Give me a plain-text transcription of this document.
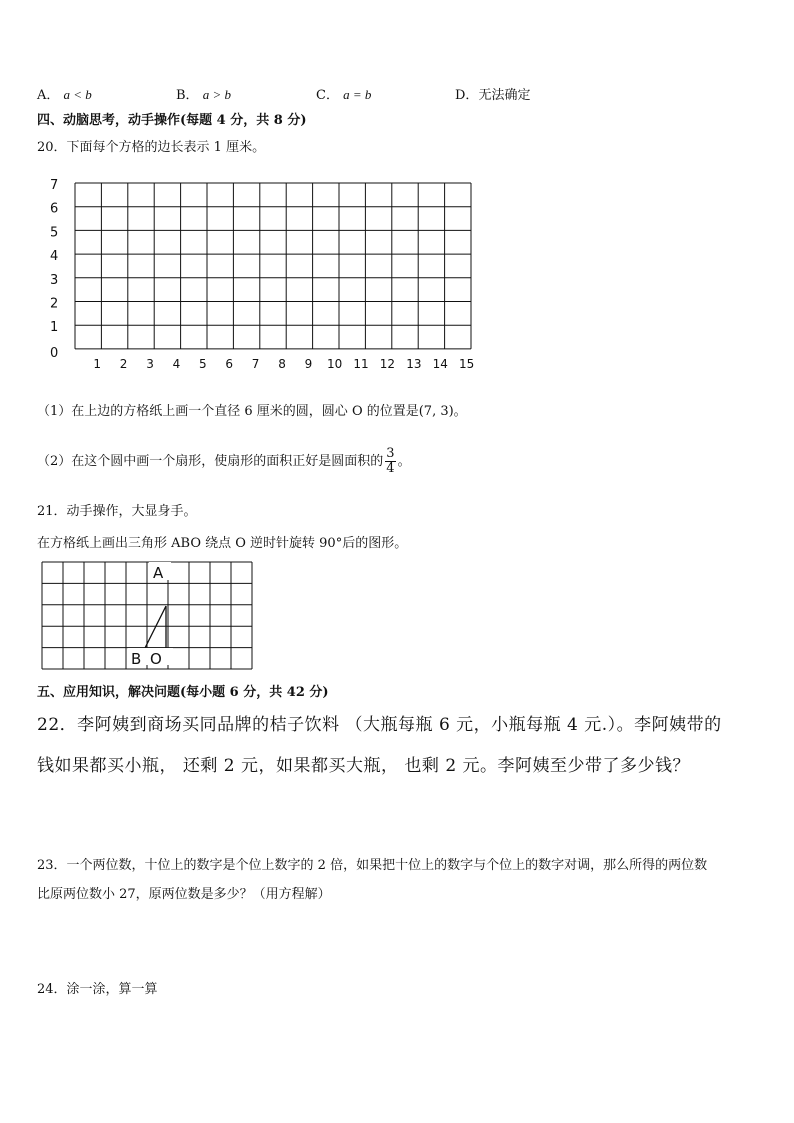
A． a < b	B． a > b	C． a = b	D．无法确定
四、动脑思考，动手操作(每题 4 分，共 8 分)
20．下面每个方格的边长表示 1 厘米。
7
6
5
4
3
2
1
0
1 2 3 4 5 6 7 8 9 10 11 12 13 14 15
（1）在上边的方格纸上画一个直径 6 厘米的圆，圆心 O 的位置是(7, 3)。
（2）在这个圆中画一个扇形，使扇形的面积正好是圆面积的 $\frac{3}{4}$ 。
21．动手操作，大显身手。
在方格纸上画出三角形 ABO 绕点 O 逆时针旋转 90°后的图形。
B
A
O
五、应用知识，解决问题(每小题 6 分，共 42 分)
22．李阿姨到商场买同品牌的桔子饮料 （大瓶每瓶 6 元，小瓶每瓶 4 元.）。李阿姨带的
钱如果都买小瓶， 还剩 2 元，如果都买大瓶， 也剩 2 元。李阿姨至少带了多少钱？
23．一个两位数，十位上的数字是个位上数字的 2 倍，如果把十位上的数字与个位上的数字对调，那么所得的两位数
比原两位数小 27，原两位数是多少？（用方程解）
24．涂一涂，算一算
